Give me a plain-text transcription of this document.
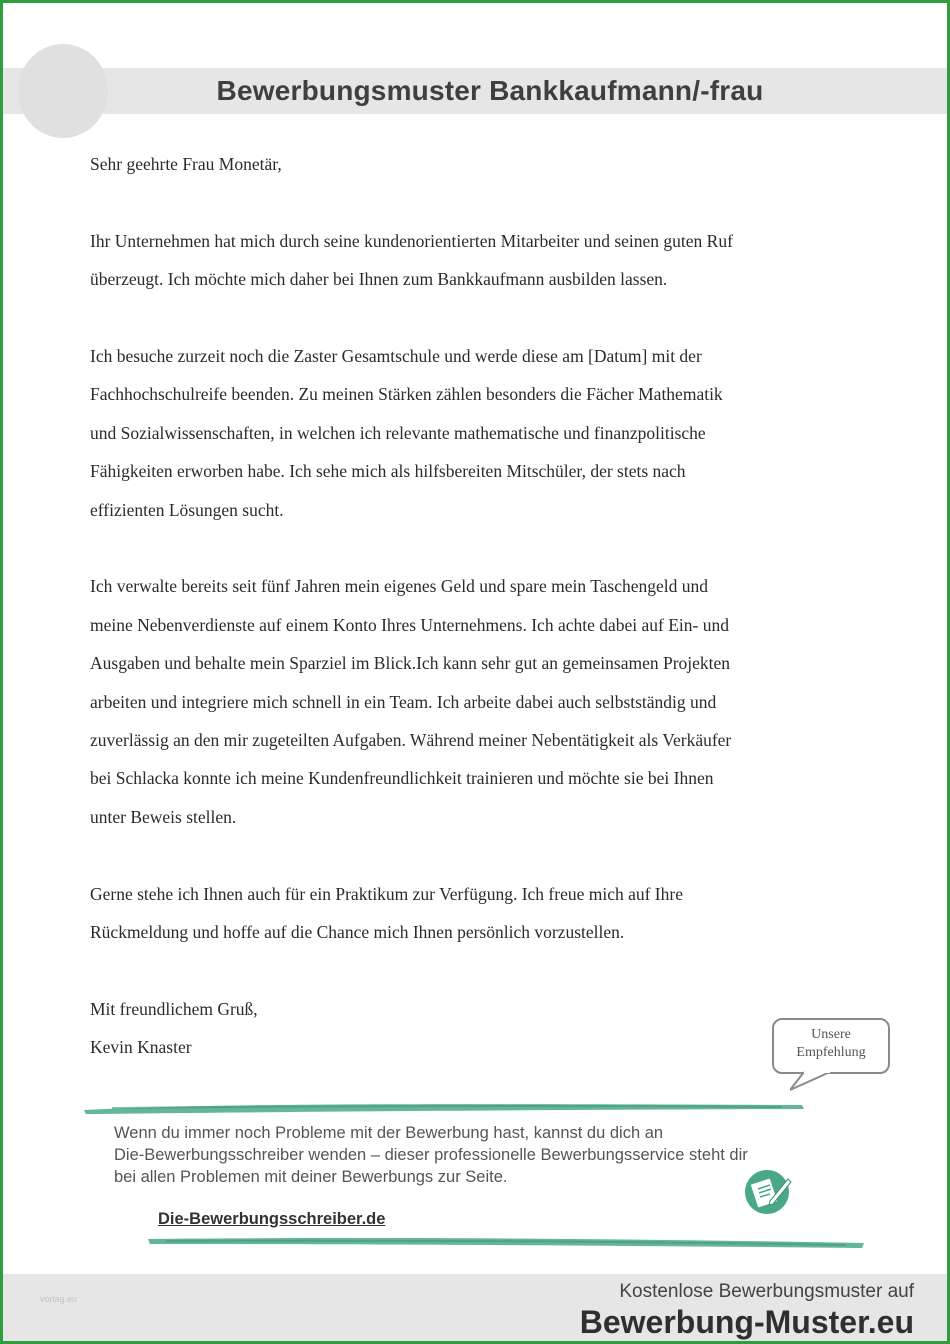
Bewerbungsmuster Bankkaufmann/-frau

Sehr geehrte Frau Monetär,

Ihr Unternehmen hat mich durch seine kundenorientierten Mitarbeiter und seinen guten Ruf
überzeugt. Ich möchte mich daher bei Ihnen zum Bankkaufmann ausbilden lassen.

Ich besuche zurzeit noch die Zaster Gesamtschule und werde diese am [Datum] mit der
Fachhochschulreife beenden. Zu meinen Stärken zählen besonders die Fächer Mathematik
und Sozialwissenschaften, in welchen ich relevante mathematische und finanzpolitische
Fähigkeiten erworben habe. Ich sehe mich als hilfsbereiten Mitschüler, der stets nach
effizienten Lösungen sucht.

Ich verwalte bereits seit fünf Jahren mein eigenes Geld und spare mein Taschengeld und
meine Nebenverdienste auf einem Konto Ihres Unternehmens. Ich achte dabei auf Ein- und
Ausgaben und behalte mein Sparziel im Blick.Ich kann sehr gut an gemeinsamen Projekten
arbeiten und integriere mich schnell in ein Team. Ich arbeite dabei auch selbstständig und
zuverlässig an den mir zugeteilten Aufgaben. Während meiner Nebentätigkeit als Verkäufer
bei Schlacka konnte ich meine Kundenfreundlichkeit trainieren und möchte sie bei Ihnen
unter Beweis stellen.

Gerne stehe ich Ihnen auch für ein Praktikum zur Verfügung. Ich freue mich auf Ihre
Rückmeldung und hoffe auf die Chance mich Ihnen persönlich vorzustellen.

Mit freundlichem Gruß,

Kevin Knaster

Unsere
Empfehlung
Wenn du immer noch Probleme mit der Bewerbung hast, kannst du dich an
Die-Bewerbungsschreiber wenden – dieser professionelle Bewerbungsservice steht dir
bei allen Problemen mit deiner Bewerbungs zur Seite.
Die-Bewerbungsschreiber.de
vorlag.eu	Kostenlose Bewerbungsmuster auf
Bewerbung-Muster.eu
